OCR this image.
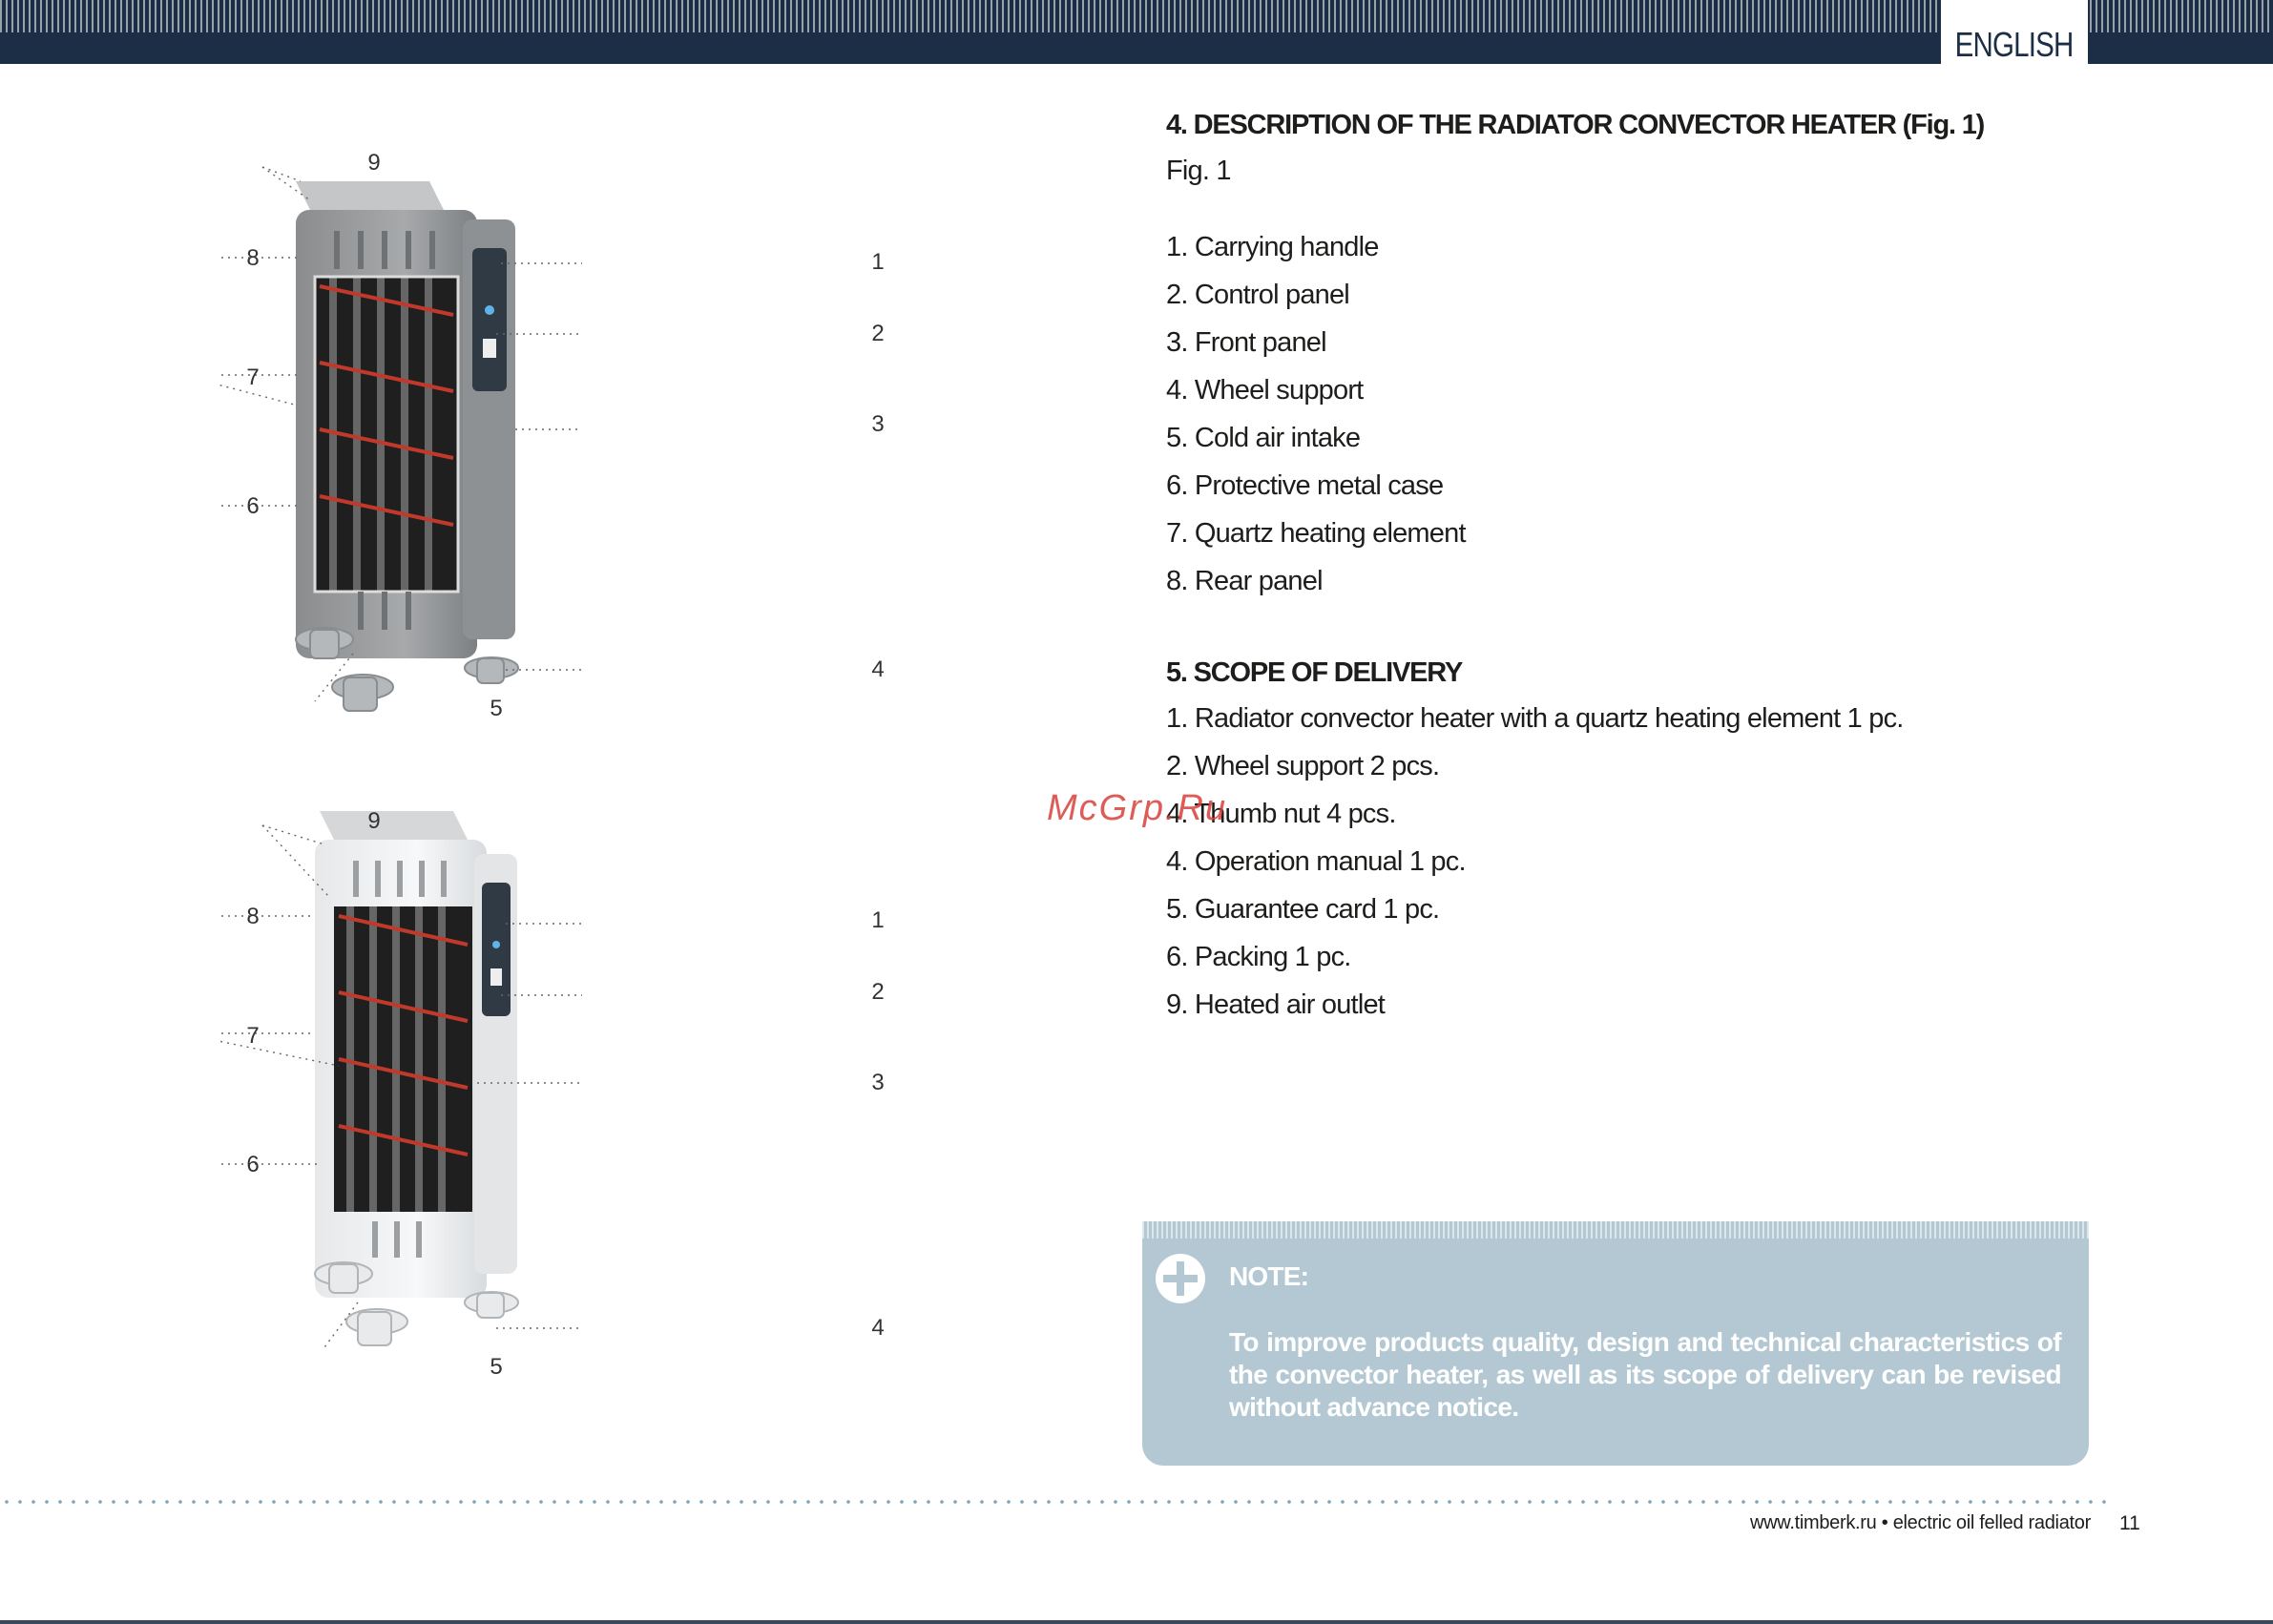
ENGLISH
9
8
7
6
5
1
2
3
4
9
8
7
6
5
1
2
3
4
4. DESCRIPTION OF THE RADIATOR CONVECTOR HEATER (Fig. 1)

Fig. 1

1. Carrying handle
2. Control panel
3. Front panel
4. Wheel support
5. Cold air intake
6. Protective metal case
7. Quartz heating element
8. Rear panel
5. SCOPE OF DELIVERY
1. Radiator convector heater with a quartz heating element 1 pc.
2. Wheel support 2 pcs.
4. Thumb nut 4 pcs.
4. Operation manual 1 pc.
5. Guarantee card 1 pc.
6. Packing 1 pc.
9. Heated air outlet
McGrp.Ru
NOTE:

To improve products quality, design and technical characteristics of the convector heater, as well as its scope of delivery can be revised without advance notice.

www.timberk.ru • electric oil felled radiator 11
